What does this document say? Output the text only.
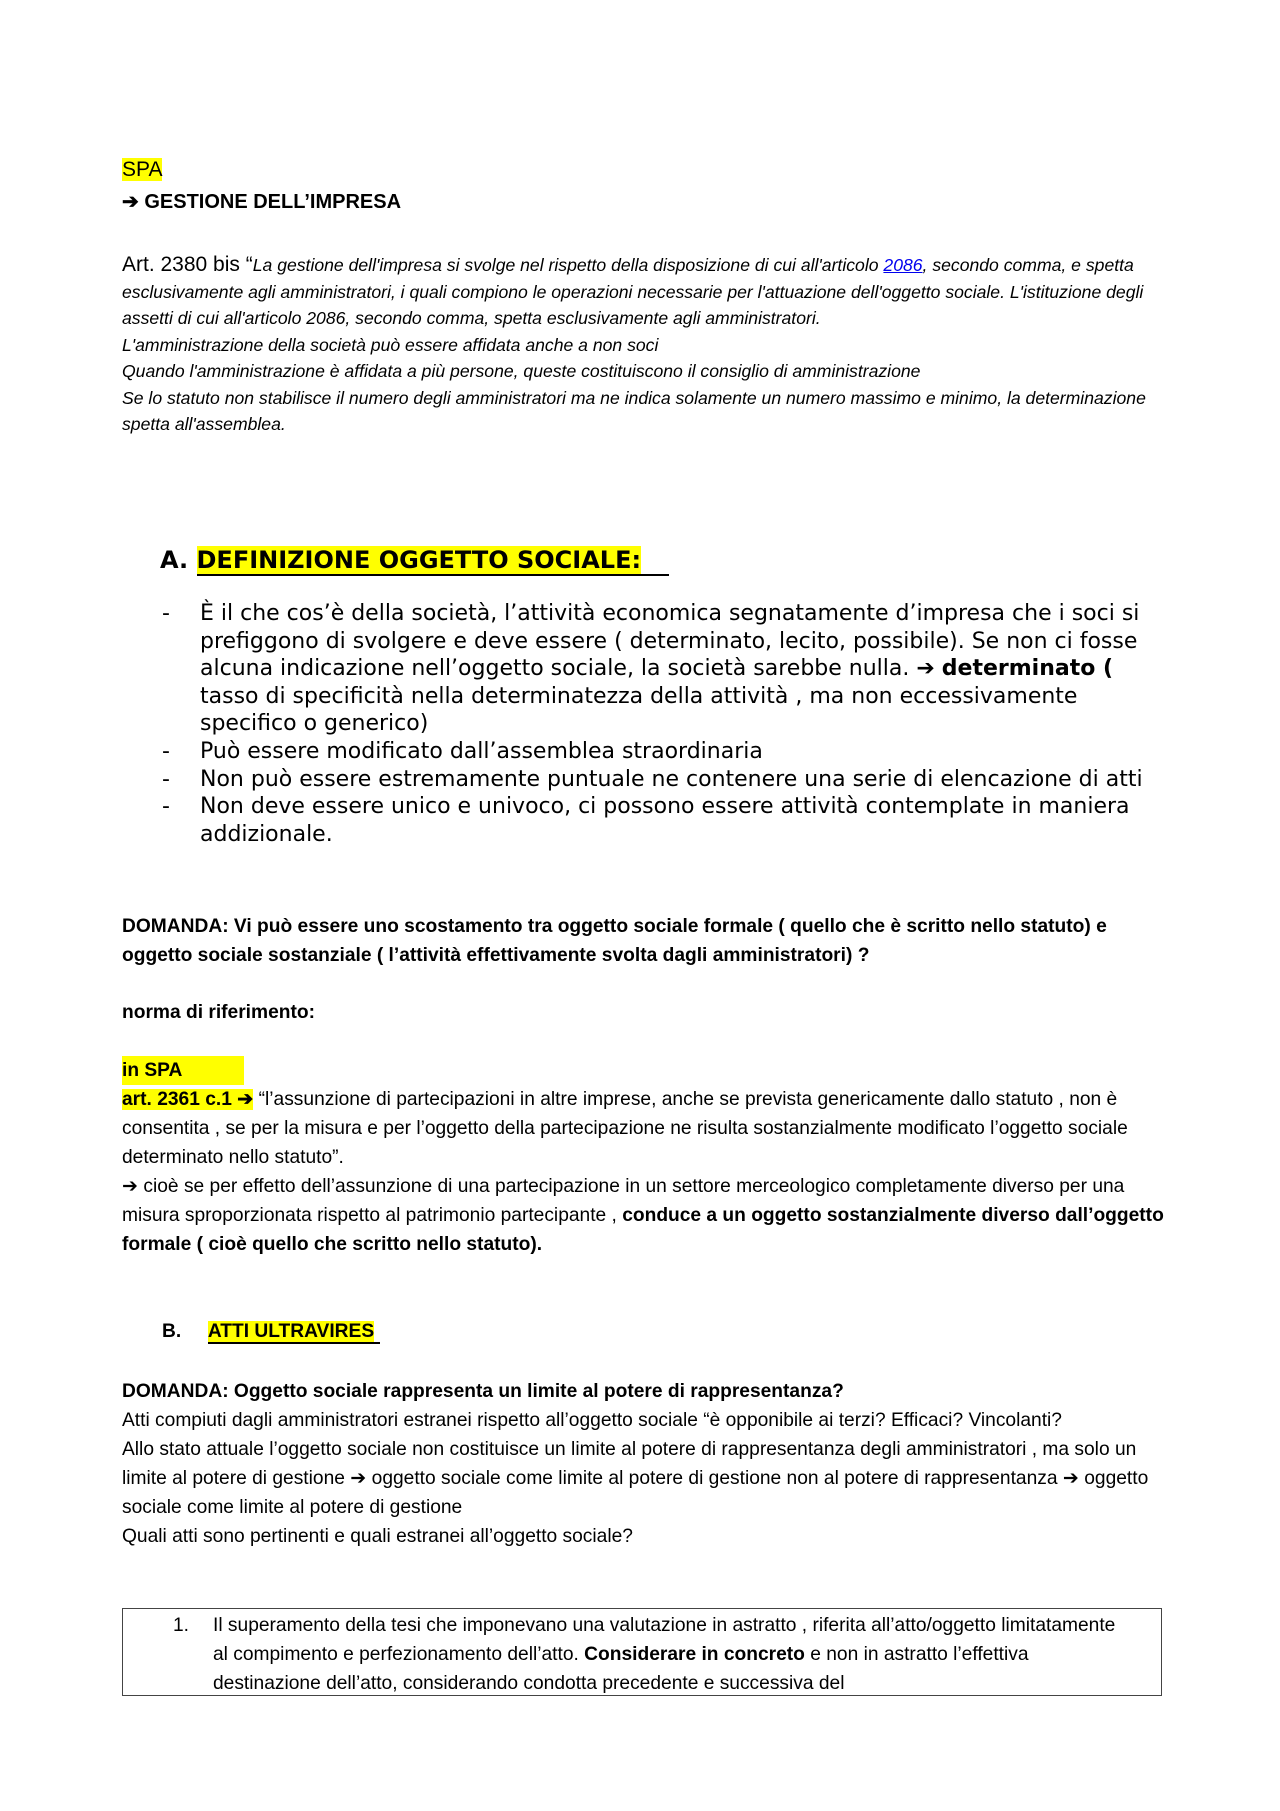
SPA
➔ GESTIONE DELL’IMPRESA

Art. 2380 bis “La gestione dell'impresa si svolge nel rispetto della disposizione di cui all'articolo 2086, secondo comma, e spetta esclusivamente agli amministratori, i quali compiono le operazioni necessarie per l'attuazione dell'oggetto sociale. L'istituzione degli assetti di cui all'articolo 2086, secondo comma, spetta esclusivamente agli amministratori.

L'amministrazione della società può essere affidata anche a non soci

Quando l'amministrazione è affidata a più persone, queste costituiscono il consiglio di amministrazione

Se lo statuto non stabilisce il numero degli amministratori ma ne indica solamente un numero massimo e minimo, la determinazione spetta all'assemblea.

A. DEFINIZIONE OGGETTO SOCIALE:
- È il che cos’è della società, l’attività economica segnatamente d’impresa che i soci si prefiggono di svolgere e deve essere ( determinato, lecito, possibile). Se non ci fosse alcuna indicazione nell’oggetto sociale, la società sarebbe nulla. ➔ determinato ( tasso di specificità nella determinatezza della attività , ma non eccessivamente specifico o generico)
- Può essere modificato dall’assemblea straordinaria
- Non può essere estremamente puntuale ne contenere una serie di elencazione di atti
- Non deve essere unico e univoco, ci possono essere attività contemplate in maniera addizionale.
DOMANDA: Vi può essere uno scostamento tra oggetto sociale formale ( quello che è scritto nello statuto) e oggetto sociale sostanziale ( l’attività effettivamente svolta dagli amministratori) ?
norma di riferimento:
in SPA
art. 2361 c.1 ➔ “l’assunzione di partecipazioni in altre imprese, anche se prevista genericamente dallo statuto , non è consentita , se per la misura e per l’oggetto della partecipazione ne risulta sostanzialmente modificato l’oggetto sociale determinato nello statuto”.
➔ cioè se per effetto dell’assunzione di una partecipazione in un settore merceologico completamente diverso per una misura sproporzionata rispetto al patrimonio partecipante , conduce a un oggetto sostanzialmente diverso dall’oggetto formale ( cioè quello che scritto nello statuto).
B. ATTI ULTRAVIRES
DOMANDA: Oggetto sociale rappresenta un limite al potere di rappresentanza?
Atti compiuti dagli amministratori estranei rispetto all’oggetto sociale “è opponibile ai terzi? Efficaci? Vincolanti?
Allo stato attuale l’oggetto sociale non costituisce un limite al potere di rappresentanza degli amministratori , ma solo un limite al potere di gestione ➔ oggetto sociale come limite al potere di gestione non al potere di rappresentanza ➔ oggetto sociale come limite al potere di gestione
Quali atti sono pertinenti e quali estranei all’oggetto sociale?
1. Il superamento della tesi che imponevano una valutazione in astratto , riferita all’atto/oggetto limitatamente al compimento e perfezionamento dell’atto. Considerare in concreto e non in astratto l’effettiva destinazione dell’atto, considerando condotta precedente e successiva del
